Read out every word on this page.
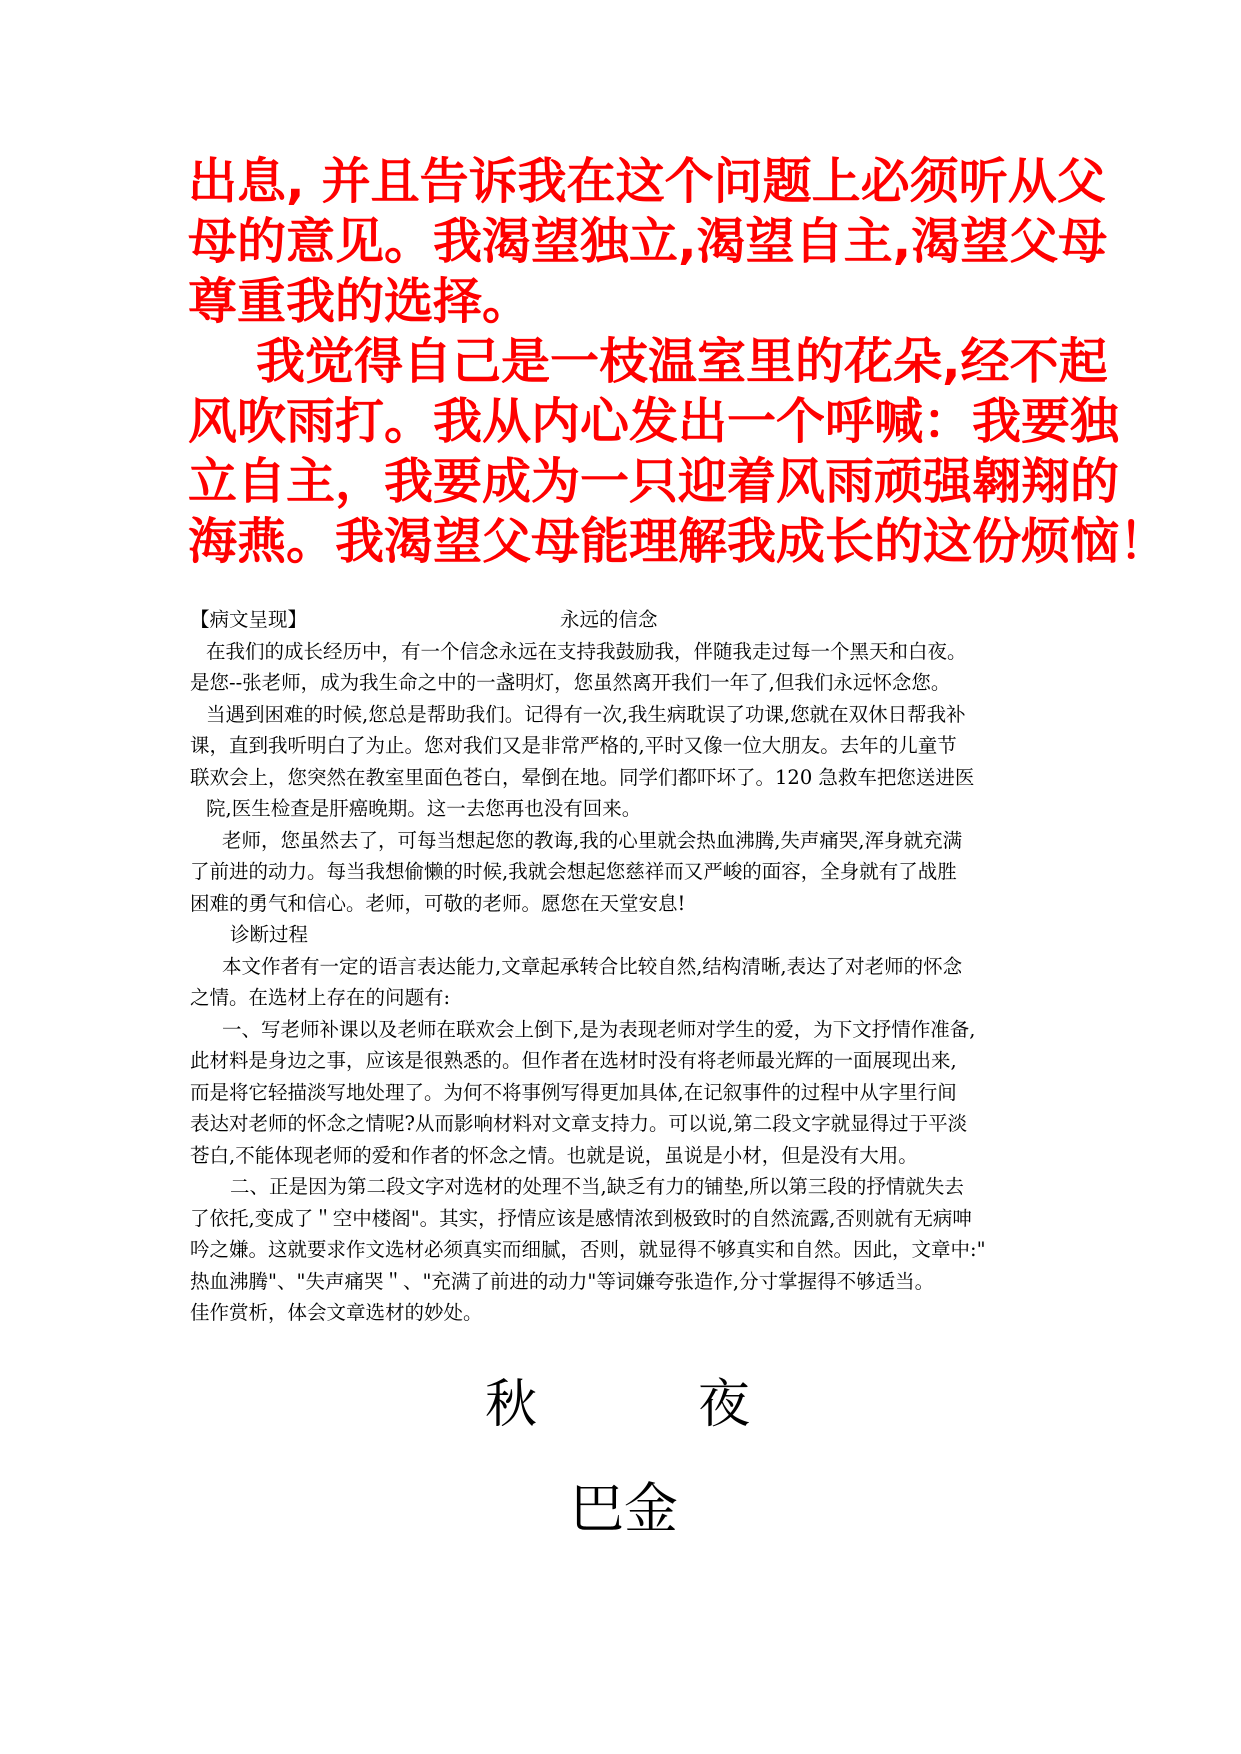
出息, 并且告诉我在这个问题上必须听从父
母的意见。我渴望独立,渴望自主,渴望父母
尊重我的选择。
我觉得自己是一枝温室里的花朵,经不起
风吹雨打。我从内心发出一个呼喊：我要独
立自主，我要成为一只迎着风雨顽强翱翔的
海燕。我渴望父母能理解我成长的这份烦恼！
【病文呈现】	永远的信念
在我们的成长经历中，有一个信念永远在支持我鼓励我，伴随我走过每一个黑天和白夜。
是您--张老师，成为我生命之中的一盏明灯，您虽然离开我们一年了,但我们永远怀念您。
当遇到困难的时候,您总是帮助我们。记得有一次,我生病耽误了功课,您就在双休日帮我补
课，直到我听明白了为止。您对我们又是非常严格的,平时又像一位大朋友。去年的儿童节
联欢会上，您突然在教室里面色苍白，晕倒在地。同学们都吓坏了。120 急救车把您送进医
院,医生检查是肝癌晚期。这一去您再也没有回来。
老师，您虽然去了，可每当想起您的教诲,我的心里就会热血沸腾,失声痛哭,浑身就充满
了前进的动力。每当我想偷懒的时候,我就会想起您慈祥而又严峻的面容，全身就有了战胜
困难的勇气和信心。老师，可敬的老师。愿您在天堂安息!
诊断过程
本文作者有一定的语言表达能力,文章起承转合比较自然,结构清晰,表达了对老师的怀念
之情。在选材上存在的问题有:
一、写老师补课以及老师在联欢会上倒下,是为表现老师对学生的爱，为下文抒情作准备,
此材料是身边之事，应该是很熟悉的。但作者在选材时没有将老师最光辉的一面展现出来,
而是将它轻描淡写地处理了。为何不将事例写得更加具体,在记叙事件的过程中从字里行间
表达对老师的怀念之情呢?从而影响材料对文章支持力。可以说,第二段文字就显得过于平淡
苍白,不能体现老师的爱和作者的怀念之情。也就是说，虽说是小材，但是没有大用。
二、正是因为第二段文字对选材的处理不当,缺乏有力的铺垫,所以第三段的抒情就失去
了依托,变成了＂空中楼阁"。其实，抒情应该是感情浓到极致时的自然流露,否则就有无病呻
吟之嫌。这就要求作文选材必须真实而细腻，否则，就显得不够真实和自然。因此，文章中:"
热血沸腾"、"失声痛哭＂、"充满了前进的动力"等词嫌夸张造作,分寸掌握得不够适当。
佳作赏析，体会文章选材的妙处。
秋	夜
巴金
